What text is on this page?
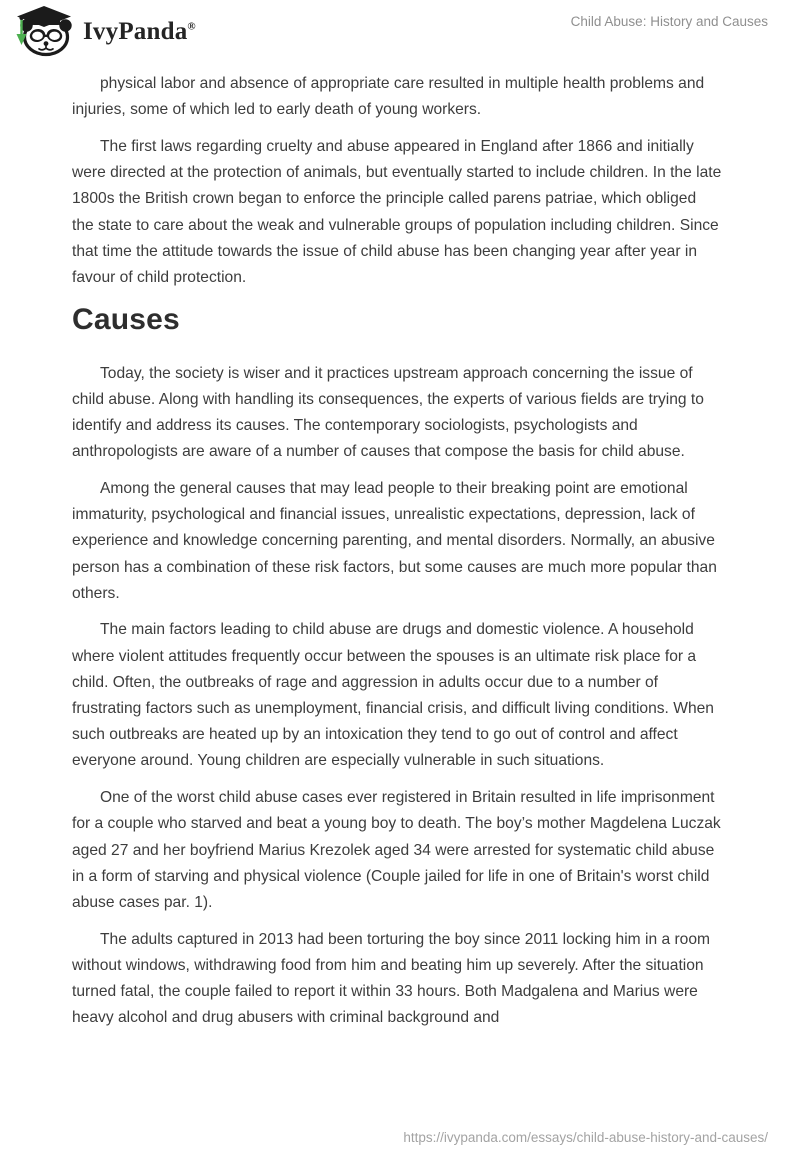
IvyPanda®	Child Abuse: History and Causes

physical labor and absence of appropriate care resulted in multiple health problems and injuries, some of which led to early death of young workers.

The first laws regarding cruelty and abuse appeared in England after 1866 and initially were directed at the protection of animals, but eventually started to include children. In the late 1800s the British crown began to enforce the principle called parens patriae, which obliged the state to care about the weak and vulnerable groups of population including children. Since that time the attitude towards the issue of child abuse has been changing year after year in favour of child protection.

Causes

Today, the society is wiser and it practices upstream approach concerning the issue of child abuse. Along with handling its consequences, the experts of various fields are trying to identify and address its causes. The contemporary sociologists, psychologists and anthropologists are aware of a number of causes that compose the basis for child abuse.

Among the general causes that may lead people to their breaking point are emotional immaturity, psychological and financial issues, unrealistic expectations, depression, lack of experience and knowledge concerning parenting, and mental disorders. Normally, an abusive person has a combination of these risk factors, but some causes are much more popular than others.

The main factors leading to child abuse are drugs and domestic violence. A household where violent attitudes frequently occur between the spouses is an ultimate risk place for a child. Often, the outbreaks of rage and aggression in adults occur due to a number of frustrating factors such as unemployment, financial crisis, and difficult living conditions. When such outbreaks are heated up by an intoxication they tend to go out of control and affect everyone around. Young children are especially vulnerable in such situations.

One of the worst child abuse cases ever registered in Britain resulted in life imprisonment for a couple who starved and beat a young boy to death. The boy’s mother Magdelena Luczak aged 27 and her boyfriend Marius Krezolek aged 34 were arrested for systematic child abuse in a form of starving and physical violence (Couple jailed for life in one of Britain's worst child abuse cases par. 1).

The adults captured in 2013 had been torturing the boy since 2011 locking him in a room without windows, withdrawing food from him and beating him up severely. After the situation turned fatal, the couple failed to report it within 33 hours. Both Madgalena and Marius were heavy alcohol and drug abusers with criminal background and

https://ivypanda.com/essays/child-abuse-history-and-causes/
